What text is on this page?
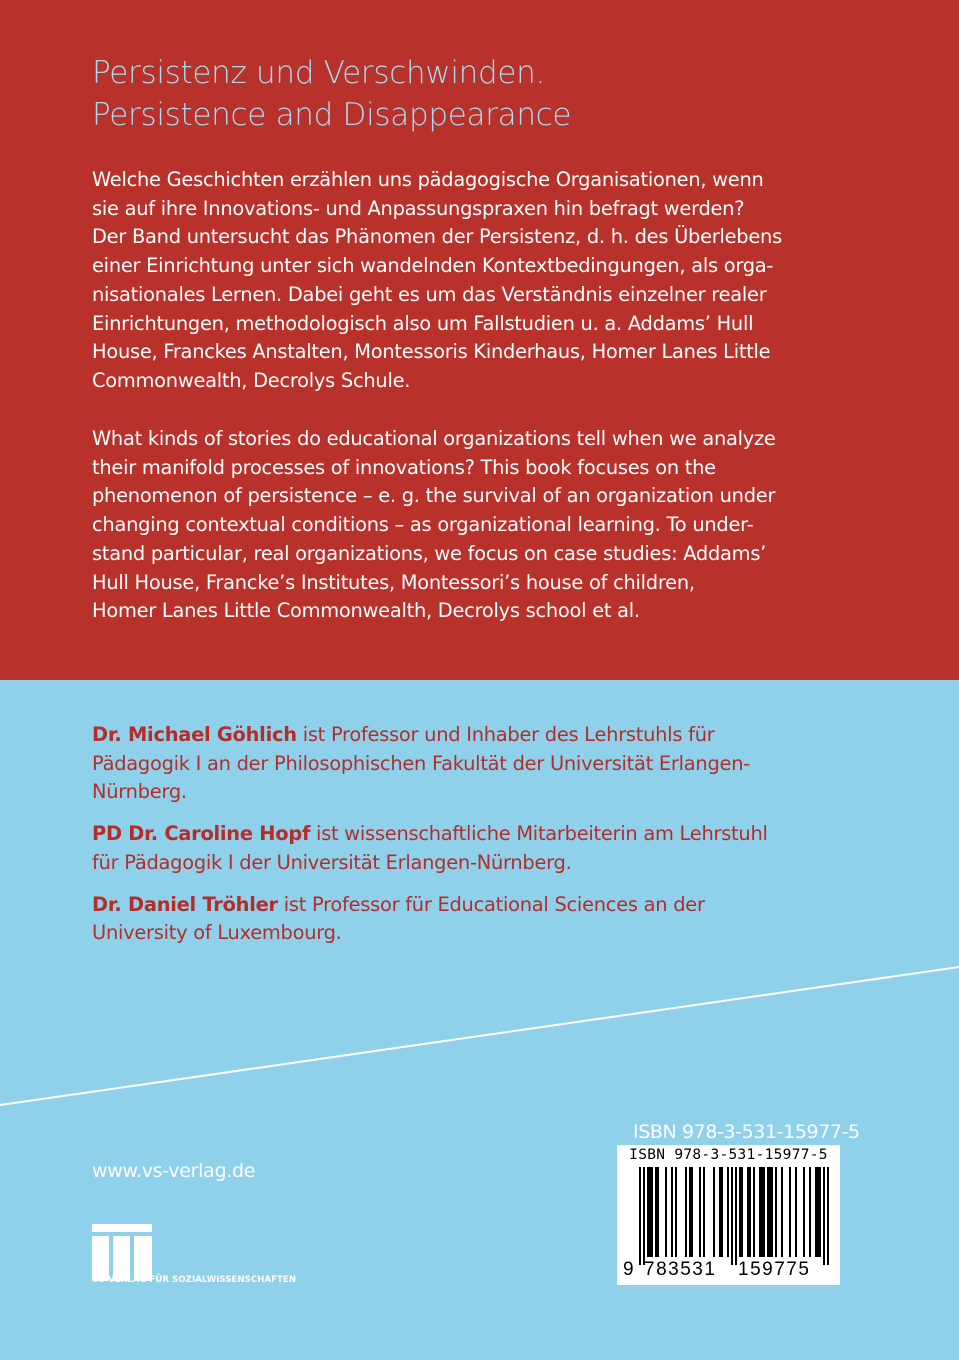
Persistenz und Verschwinden.
Persistence and Disappearance
Welche Geschichten erzählen uns pädagogische Organisationen, wenn
sie auf ihre Innovations- und Anpassungspraxen hin befragt werden?
Der Band untersucht das Phänomen der Persistenz, d. h. des Überlebens
einer Einrichtung unter sich wandelnden Kontextbedingungen, als orga-
nisationales Lernen. Dabei geht es um das Verständnis einzelner realer
Einrichtungen, methodologisch also um Fallstudien u. a. Addams’ Hull
House, Franckes Anstalten, Montessoris Kinderhaus, Homer Lanes Little
Commonwealth, Decrolys Schule.
What kinds of stories do educational organizations tell when we analyze
their manifold processes of innovations? This book focuses on the
phenomenon of persistence – e. g. the survival of an organization under
changing contextual conditions – as organizational learning. To under-
stand particular, real organizations, we focus on case studies: Addams’
Hull House, Francke’s Institutes, Montessori’s house of children,
Homer Lanes Little Commonwealth, Decrolys school et al.
Dr. Michael Göhlich ist Professor und Inhaber des Lehrstuhls für
Pädagogik I an der Philosophischen Fakultät der Universität Erlangen-
Nürnberg.
PD Dr. Caroline Hopf ist wissenschaftliche Mitarbeiterin am Lehrstuhl
für Pädagogik I der Universität Erlangen-Nürnberg.
Dr. Daniel Tröhler ist Professor für Educational Sciences an der
University of Luxembourg.
www.vs-verlag.de
VS VERLAG FÜR SOZIALWISSENSCHAFTEN
ISBN 978-3-531-15977-5
ISBN 978-3-531-15977-5
9 783531 159775
